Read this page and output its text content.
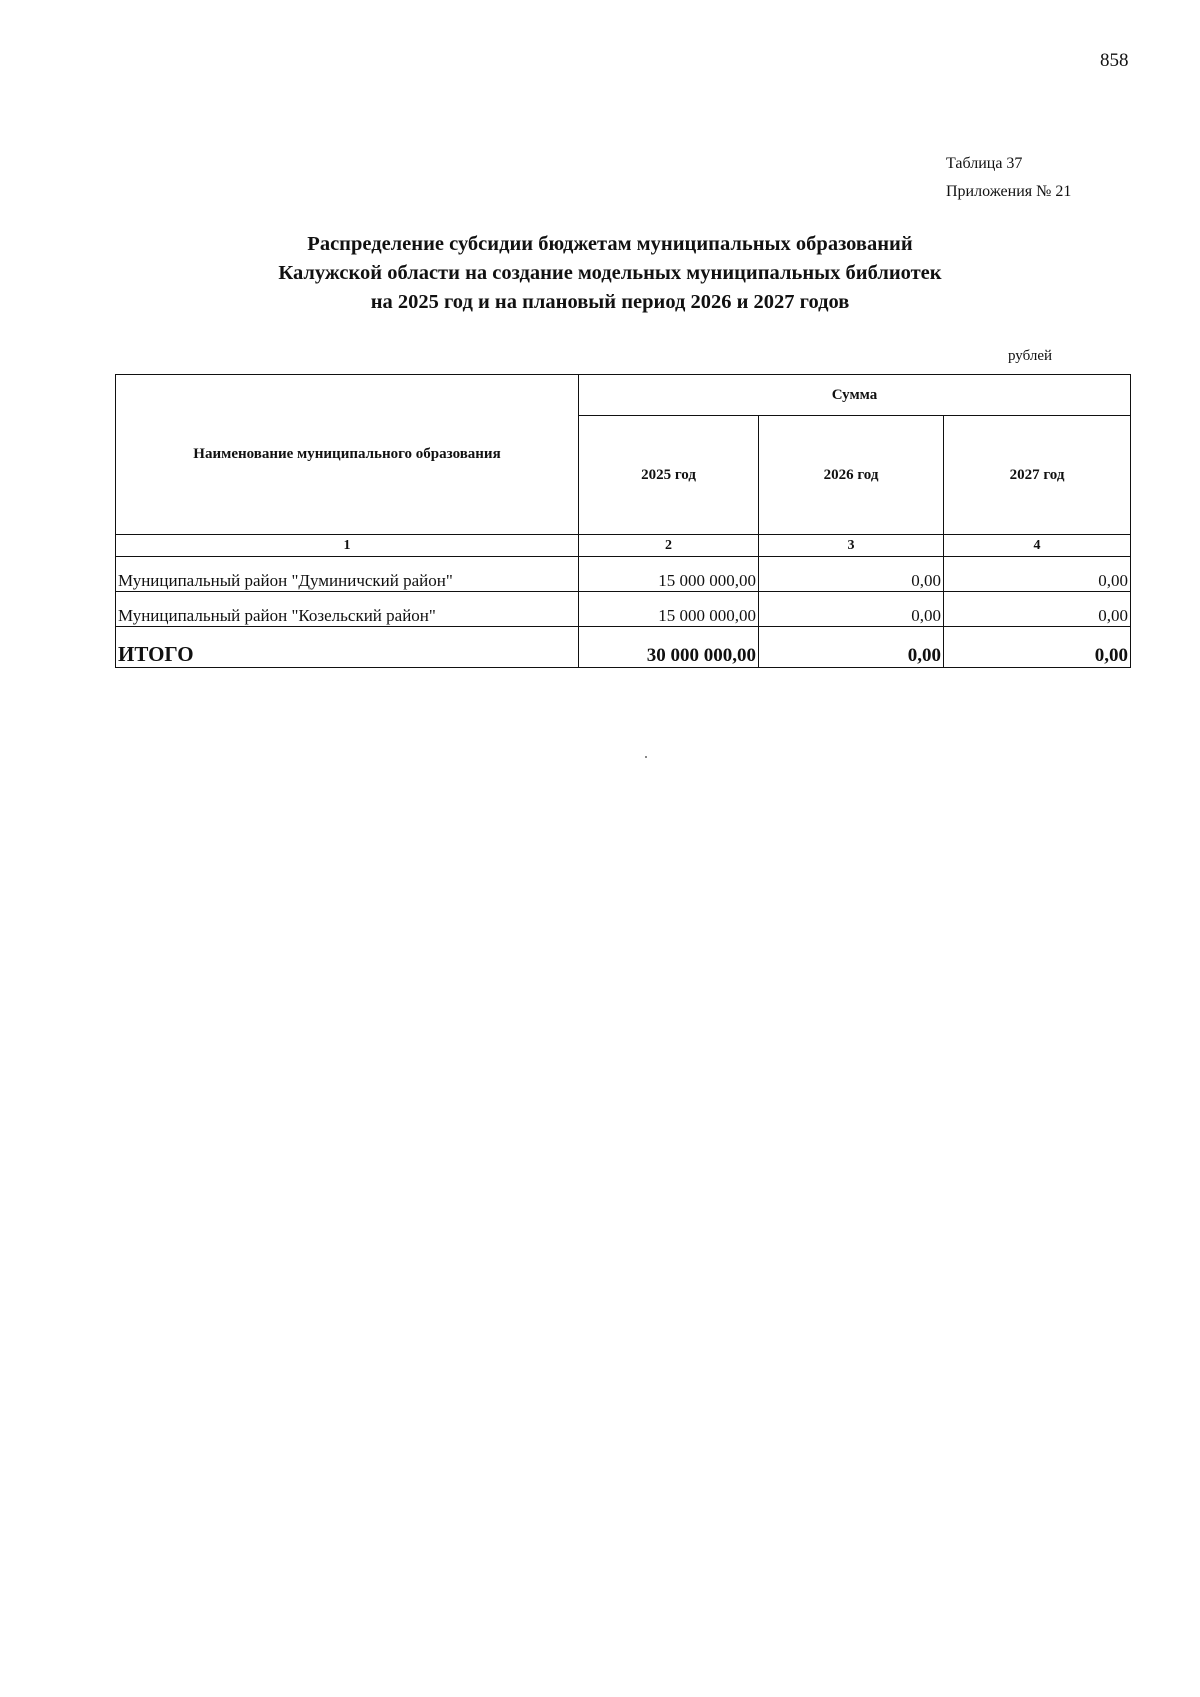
858
Таблица 37
Приложения № 21
Распределение субсидии бюджетам муниципальных образований
Калужской области на создание модельных муниципальных библиотек
на 2025 год и на плановый период 2026 и 2027 годов
рублей
Наименование муниципального образования	Сумма		
	2025 год	2026 год	2027 год
1	2	3	4
Муниципальный район "Думиничский район"	15 000 000,00	0,00	0,00
Муниципальный район "Козельский район"	15 000 000,00	0,00	0,00
ИТОГО	30 000 000,00	0,00	0,00
